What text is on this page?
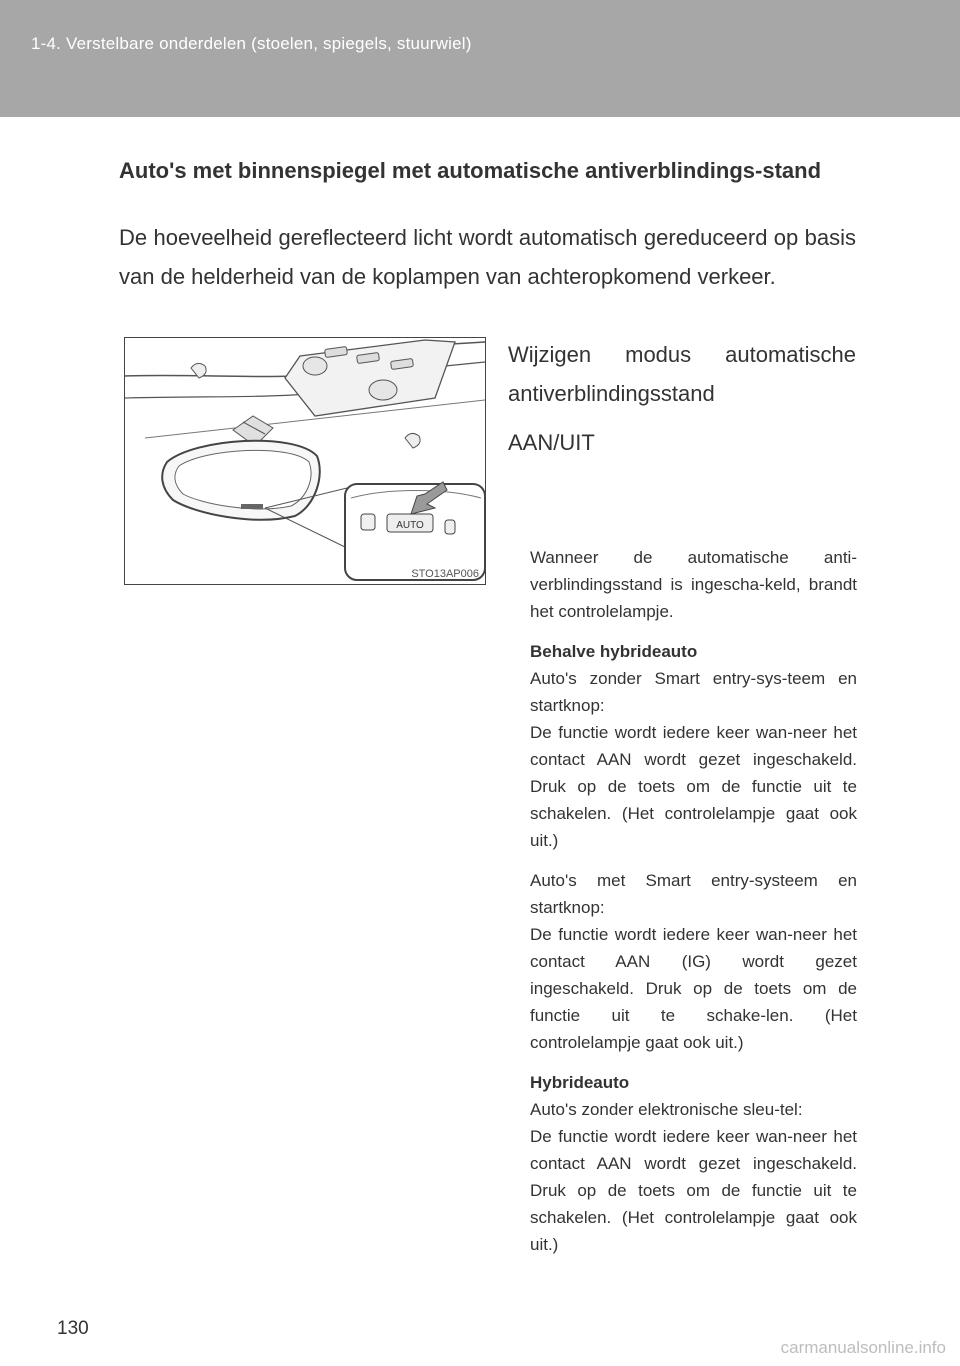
1-4. Verstelbare onderdelen (stoelen, spiegels, stuurwiel)
Auto's met binnenspiegel met automatische antiverblindings-stand
De hoeveelheid gereflecteerd licht wordt automatisch gereduceerd op basis van de helderheid van de koplampen van achteropkomend verkeer.
AUTO
STO13AP006
Wijzigen modus automatische
antiverblindingsstand
AAN/UIT

Wanneer de automatische anti-verblindingsstand is ingescha-keld, brandt het controlelampje.

Behalve hybrideauto

Auto's zonder Smart entry-sys-teem en startknop:

De functie wordt iedere keer wan-neer het contact AAN wordt gezet ingeschakeld. Druk op de toets om de functie uit te schakelen. (Het controlelampje gaat ook uit.)

Auto's met Smart entry-systeem en startknop:

De functie wordt iedere keer wan-neer het contact AAN (IG) wordt gezet ingeschakeld. Druk op de toets om de functie uit te schake-len. (Het controlelampje gaat ook uit.)

Hybrideauto

Auto's zonder elektronische sleu-tel:

De functie wordt iedere keer wan-neer het contact AAN wordt gezet ingeschakeld. Druk op de toets om de functie uit te schakelen. (Het controlelampje gaat ook uit.)

130
carmanualsonline.info
